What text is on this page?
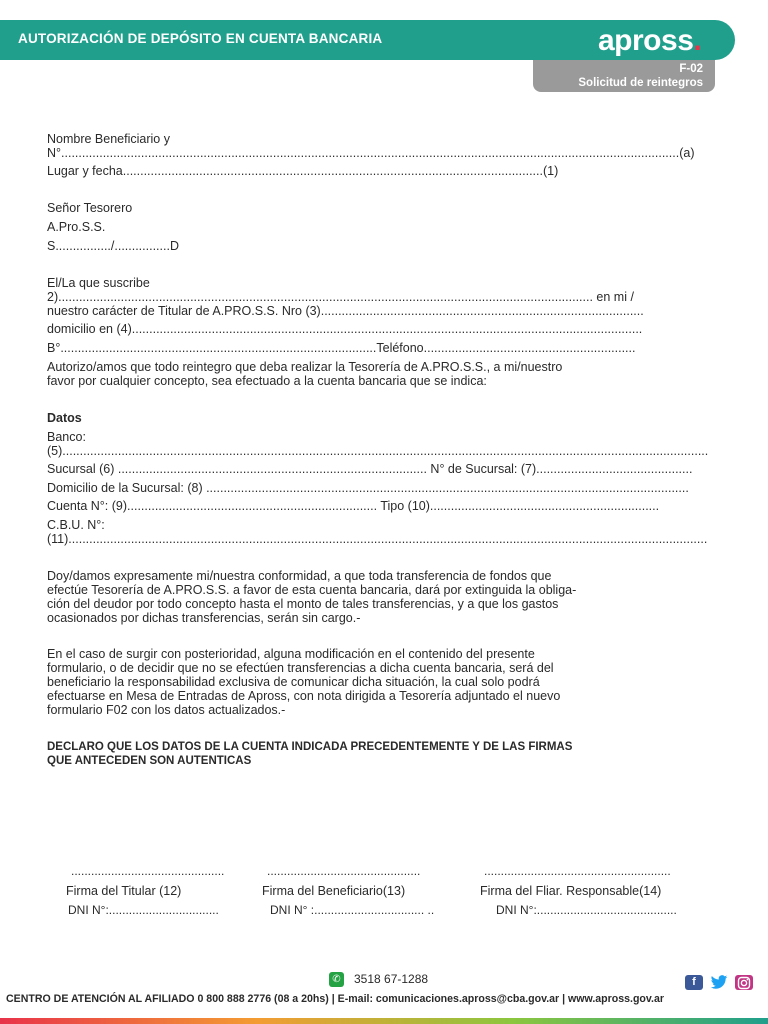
AUTORIZACIÓN DE DEPÓSITO EN CUENTA BANCARIA	apross.
F-02
Solicitud de reintegros
Nombre Beneficiario y
N°..................................................................................................................................................................................(a)
Lugar y fecha.........................................................................................................................(1)
Señor Tesorero
A.Pro.S.S.
S................/................D
El/La que suscribe
2).......................................................................................................................................................... en mi /
nuestro carácter de Titular de A.PRO.S.S. Nro (3).............................................................................................
domicilio en (4)...................................................................................................................................................
B°...........................................................................................Teléfono.............................................................
Autorizo/amos que todo reintegro que deba realizar la Tesorería de A.PRO.S.S., a mi/nuestro
favor por cualquier concepto, sea efectuado a la cuenta bancaria que se indica:
Datos
Banco:
(5)..........................................................................................................................................................................................
Sucursal (6) ......................................................................................... N° de Sucursal: (7).............................................
Domicilio de la Sucursal: (8) ...........................................................................................................................................
Cuenta N°: (9)........................................................................ Tipo (10)..................................................................
C.B.U. N°:
(11)........................................................................................................................................................................................
Doy/damos expresamente mi/nuestra conformidad, a que toda transferencia de fondos que
efectúe Tesorería de A.PRO.S.S. a favor de esta cuenta bancaria, dará por extinguida la obliga-
ción del deudor por todo concepto hasta el monto de tales transferencias, y a que los gastos
ocasionados por dichas transferencias, serán sin cargo.-
En el caso de surgir con posterioridad, alguna modificación en el contenido del presente
formulario, o de decidir que no se efectúen transferencias a dicha cuenta bancaria, será del
beneficiario la responsabilidad exclusiva de comunicar dicha situación, la cual solo podrá
efectuarse en Mesa de Entradas de Apross, con nota dirigida a Tesorería adjuntado el nuevo
formulario F02 con los datos actualizados.-
DECLARO QUE LOS DATOS DE LA CUENTA INDICADA PRECEDENTEMENTE Y DE LAS FIRMAS
QUE ANTECEDEN SON AUTENTICAS
..............................................
Firma del Titular (12)
DNI N°:.................................
..............................................
Firma del Beneficiario(13)
DNI N° :................................. ..
........................................................
Firma del Fliar. Responsable(14)
DNI N°:..........................................
✆ 3518 67-1288	f
CENTRO DE ATENCIÓN AL AFILIADO 0 800 888 2776 (08 a 20hs) | E-mail: comunicaciones.apross@cba.gov.ar | www.apross.gov.ar
